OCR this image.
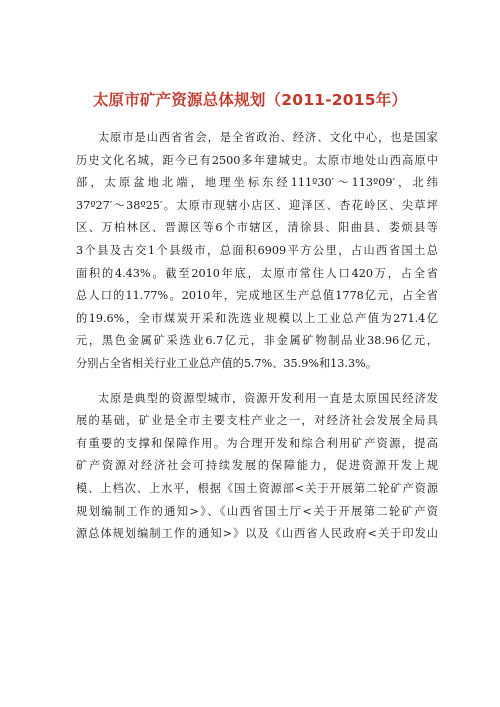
太原市矿产资源总体规划（2011-2015年）
太原市是山西省省会，是全省政治、经济、文化中心，也是国家
历史文化名城，距今已有2500多年建城史。太原市地处山西高原中
部，太原盆地北端，地理坐标东经111º30′～113º09′，北纬
37º27′～38º25′。太原市现辖小店区、迎泽区、杏花岭区、尖草坪
区、万柏林区、晋源区等6个市辖区，清徐县、阳曲县、娄烦县等
3个县及古交1个县级市，总面积6909平方公里，占山西省国土总
面积的4.43%。截至2010年底，太原市常住人口420万，占全省
总人口的11.77%。2010年，完成地区生产总值1778亿元，占全省
的19.6%，全市煤炭开采和洗选业规模以上工业总产值为271.4亿
元，黑色金属矿采选业6.7亿元，非金属矿物制品业38.96亿元，
分别占全省相关行业工业总产值的5.7%、35.9%和13.3%。
太原是典型的资源型城市，资源开发利用一直是太原国民经济发
展的基础，矿业是全市主要支柱产业之一，对经济社会发展全局具
有重要的支撑和保障作用。为合理开发和综合利用矿产资源，提高
矿产资源对经济社会可持续发展的保障能力，促进资源开发上规
模、上档次、上水平，根据《国土资源部<关于开展第二轮矿产资源
规划编制工作的通知>》、《山西省国土厅<关于开展第二轮矿产资
源总体规划编制工作的通知>》以及《山西省人民政府<关于印发山
